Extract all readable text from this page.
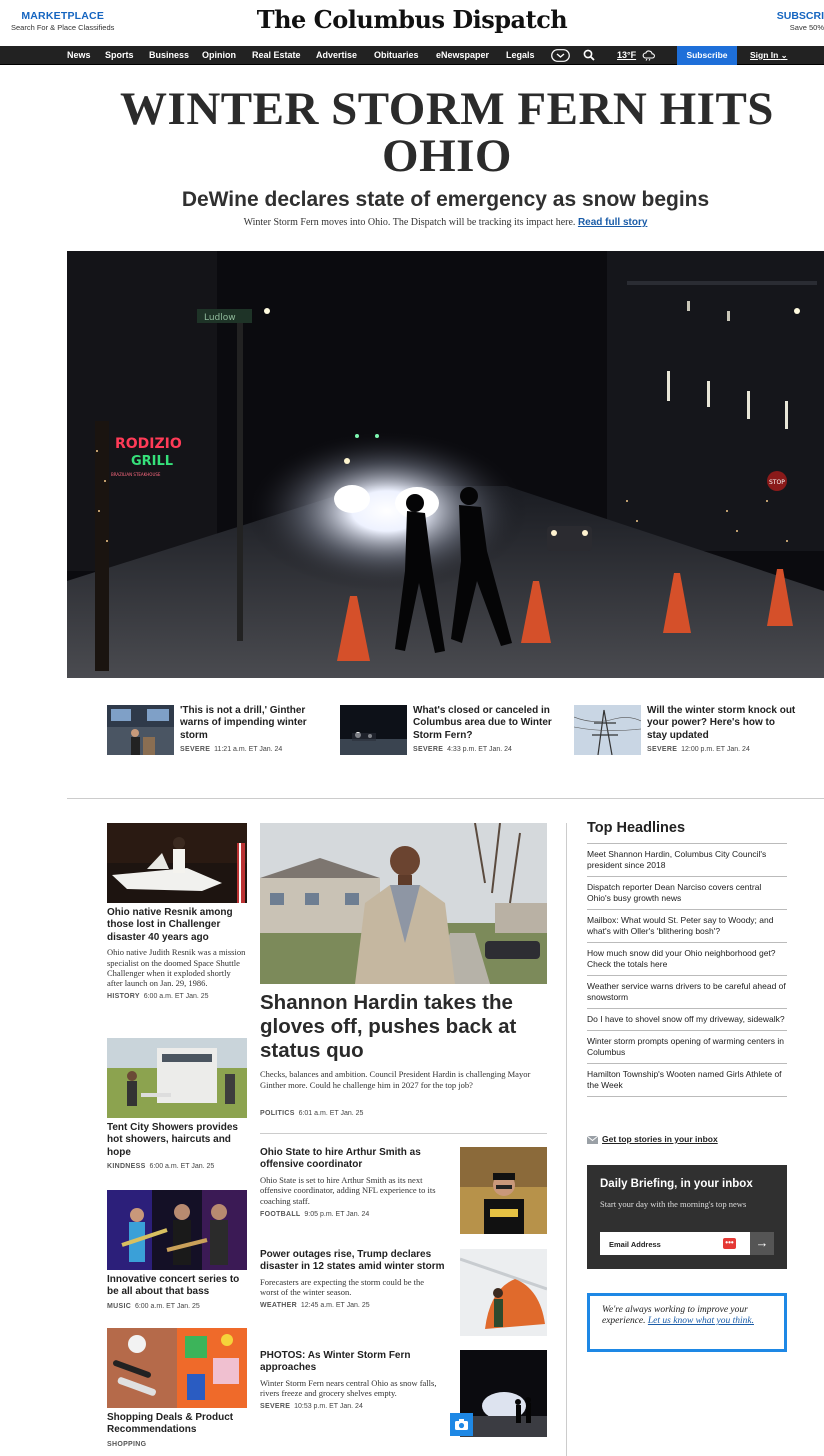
MARKETPLACE
Search For & Place Classifieds	The Columbus Dispatch	SUBSCRI
Save 50%
News Sports Business Opinion Real Estate Advertise Obituaries eNewspaper Legals	13°F	Subscribe	Sign In ⌄
WINTER STORM FERN HITS OHIO
DeWine declares state of emergency as snow begins
Winter Storm Fern moves into Ohio. The Dispatch will be tracking its impact here. Read full story
RODIZIO
GRILL
BRAZILIAN STEAKHOUSE
STOP
Ludlow
'This is not a drill,' Ginther warns of impending winter storm
SEVERE 11:21 a.m. ET Jan. 24
What's closed or canceled in Columbus area due to Winter Storm Fern?
SEVERE 4:33 p.m. ET Jan. 24
Will the winter storm knock out your power? Here's how to stay updated
SEVERE 12:00 p.m. ET Jan. 24
Ohio native Resnik among those lost in Challenger disaster 40 years ago
Ohio native Judith Resnik was a mission specialist on the doomed Space Shuttle Challenger when it exploded shortly after launch on Jan. 29, 1986.
HISTORY 6:00 a.m. ET Jan. 25
Tent City Showers provides hot showers, haircuts and hope
KINDNESS 6:00 a.m. ET Jan. 25
Innovative concert series to be all about that bass
MUSIC 6:00 a.m. ET Jan. 25
Shopping Deals & Product Recommendations
SHOPPING
Shannon Hardin takes the gloves off, pushes back at status quo
Checks, balances and ambition. Council President Hardin is challenging Mayor Ginther more. Could he challenge him in 2027 for the top job?
POLITICS 6:01 a.m. ET Jan. 25
Ohio State to hire Arthur Smith as offensive coordinator
Ohio State is set to hire Arthur Smith as its next offensive coordinator, adding NFL experience to its coaching staff.
FOOTBALL 9:05 p.m. ET Jan. 24
Power outages rise, Trump declares disaster in 12 states amid winter storm
Forecasters are expecting the storm could be the worst of the winter season.
WEATHER 12:45 a.m. ET Jan. 25
PHOTOS: As Winter Storm Fern approaches
Winter Storm Fern nears central Ohio as snow falls, rivers freeze and grocery shelves empty.
SEVERE 10:53 p.m. ET Jan. 24
Top Headlines
Meet Shannon Hardin, Columbus City Council's president since 2018
Dispatch reporter Dean Narciso covers central Ohio's busy growth news
Mailbox: What would St. Peter say to Woody; and what's with Oller's 'blithering bosh'?
How much snow did your Ohio neighborhood get? Check the totals here
Weather service warns drivers to be careful ahead of snowstorm
Do I have to shovel snow off my driveway, sidewalk?
Winter storm prompts opening of warming centers in Columbus
Hamilton Township's Wooten named Girls Athlete of the Week
Get top stories in your inbox
Daily Briefing, in your inbox
Start your day with the morning's top news
Email Address	•••	→
We're always working to improve your experience. Let us know what you think.
